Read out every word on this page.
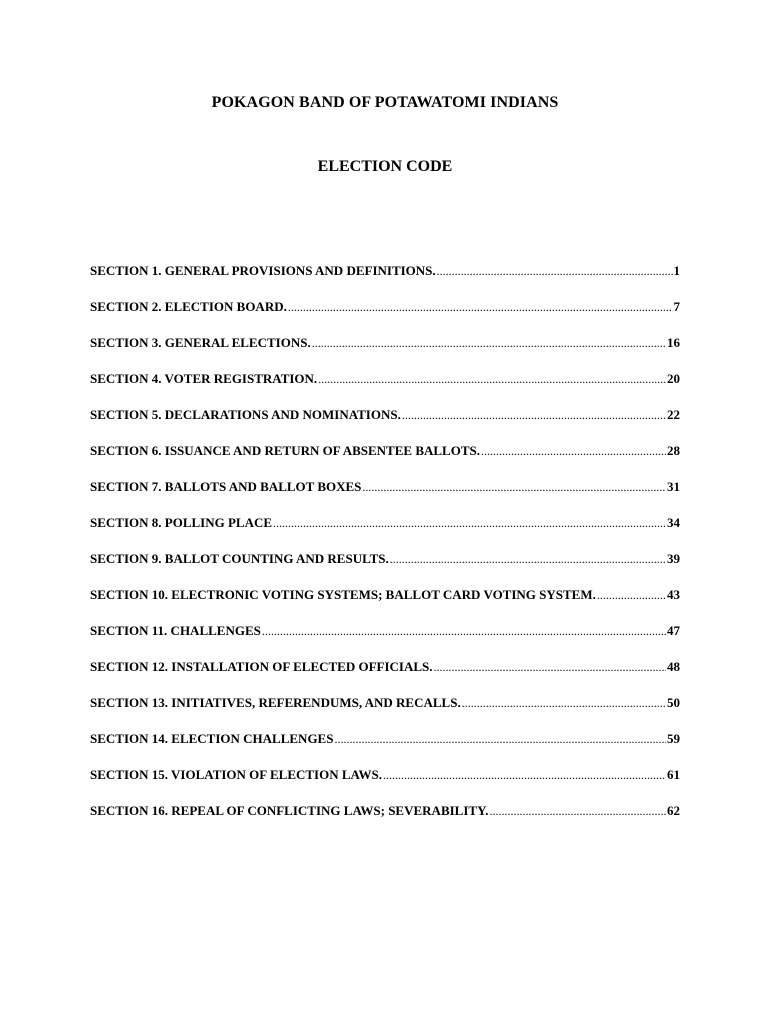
POKAGON BAND OF POTAWATOMI INDIANS
ELECTION CODE
SECTION 1. GENERAL PROVISIONS AND DEFINITIONS. .....	1
SECTION 2. ELECTION BOARD. .....	7
SECTION 3. GENERAL ELECTIONS. .....	16
SECTION 4. VOTER REGISTRATION. .....	20
SECTION 5. DECLARATIONS AND NOMINATIONS. .....	22
SECTION 6. ISSUANCE AND RETURN OF ABSENTEE BALLOTS. .....	28
SECTION 7. BALLOTS AND BALLOT BOXES .....	31
SECTION 8. POLLING PLACE .....	34
SECTION 9. BALLOT COUNTING AND RESULTS. .....	39
SECTION 10. ELECTRONIC VOTING SYSTEMS; BALLOT CARD VOTING SYSTEM. .....	43
SECTION 11. CHALLENGES .....	47
SECTION 12. INSTALLATION OF ELECTED OFFICIALS. .....	48
SECTION 13. INITIATIVES, REFERENDUMS, AND RECALLS. .....	50
SECTION 14. ELECTION CHALLENGES .....	59
SECTION 15. VIOLATION OF ELECTION LAWS. .....	61
SECTION 16. REPEAL OF CONFLICTING LAWS; SEVERABILITY. .....	62
